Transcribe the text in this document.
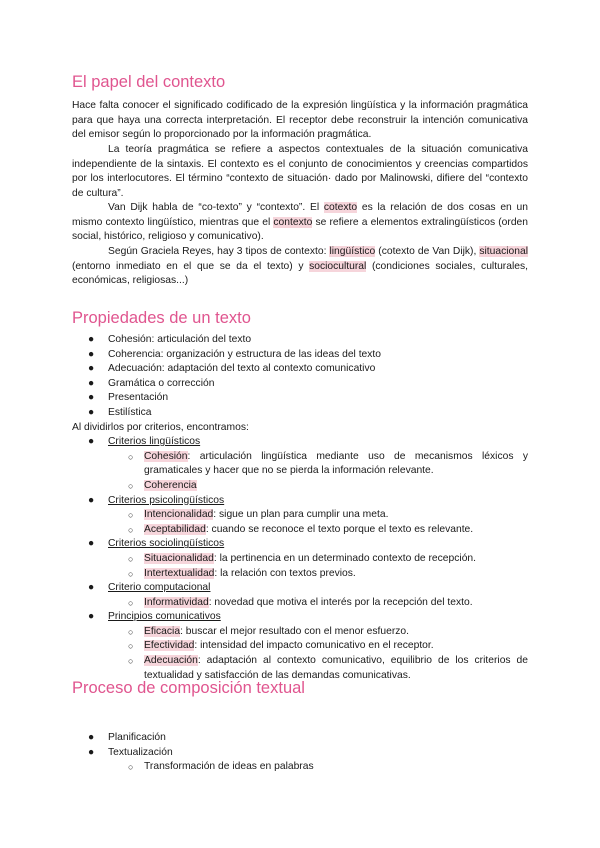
El papel del contexto

Hace falta conocer el significado codificado de la expresión lingüística y la información pragmática para que haya una correcta interpretación. El receptor debe reconstruir la intención comunicativa del emisor según lo proporcionado por la información pragmática.

La teoría pragmática se refiere a aspectos contextuales de la situación comunicativa independiente de la sintaxis. El contexto es el conjunto de conocimientos y creencias compartidos por los interlocutores. El término “contexto de situación· dado por Malinowski, difiere del “contexto de cultura”.

Van Dijk habla de “co-texto” y “contexto”. El cotexto es la relación de dos cosas en un mismo contexto lingüístico, mientras que el contexto se refiere a elementos extralingüísticos (orden social, histórico, religioso y comunicativo).

Según Graciela Reyes, hay 3 tipos de contexto: lingüístico (cotexto de Van Dijk), situacional (entorno inmediato en el que se da el texto) y sociocultural (condiciones sociales, culturales, económicas, religiosas...)

Propiedades de un texto
● Cohesión: articulación del texto
● Coherencia: organización y estructura de las ideas del texto
● Adecuación: adaptación del texto al contexto comunicativo
● Gramática o corrección
● Presentación
● Estilística
Al dividirlos por criterios, encontramos:
● Criterios lingüísticos
○ Cohesión: articulación lingüística mediante uso de mecanismos léxicos y gramaticales y hacer que no se pierda la información relevante.
○ Coherencia
● Criterios psicolingüísticos
○ Intencionalidad: sigue un plan para cumplir una meta.
○ Aceptabilidad: cuando se reconoce el texto porque el texto es relevante.
● Criterios sociolingüísticos
○ Situacionalidad: la pertinencia en un determinado contexto de recepción.
○ Intertextualidad: la relación con textos previos.
● Criterio computacional
○ Informatividad: novedad que motiva el interés por la recepción del texto.
● Principios comunicativos
○ Eficacia: buscar el mejor resultado con el menor esfuerzo.
○ Efectividad: intensidad del impacto comunicativo en el receptor.
○ Adecuación: adaptación al contexto comunicativo, equilibrio de los criterios de textualidad y satisfacción de las demandas comunicativas.
Proceso de composición textual
● Planificación
● Textualización
○ Transformación de ideas en palabras
